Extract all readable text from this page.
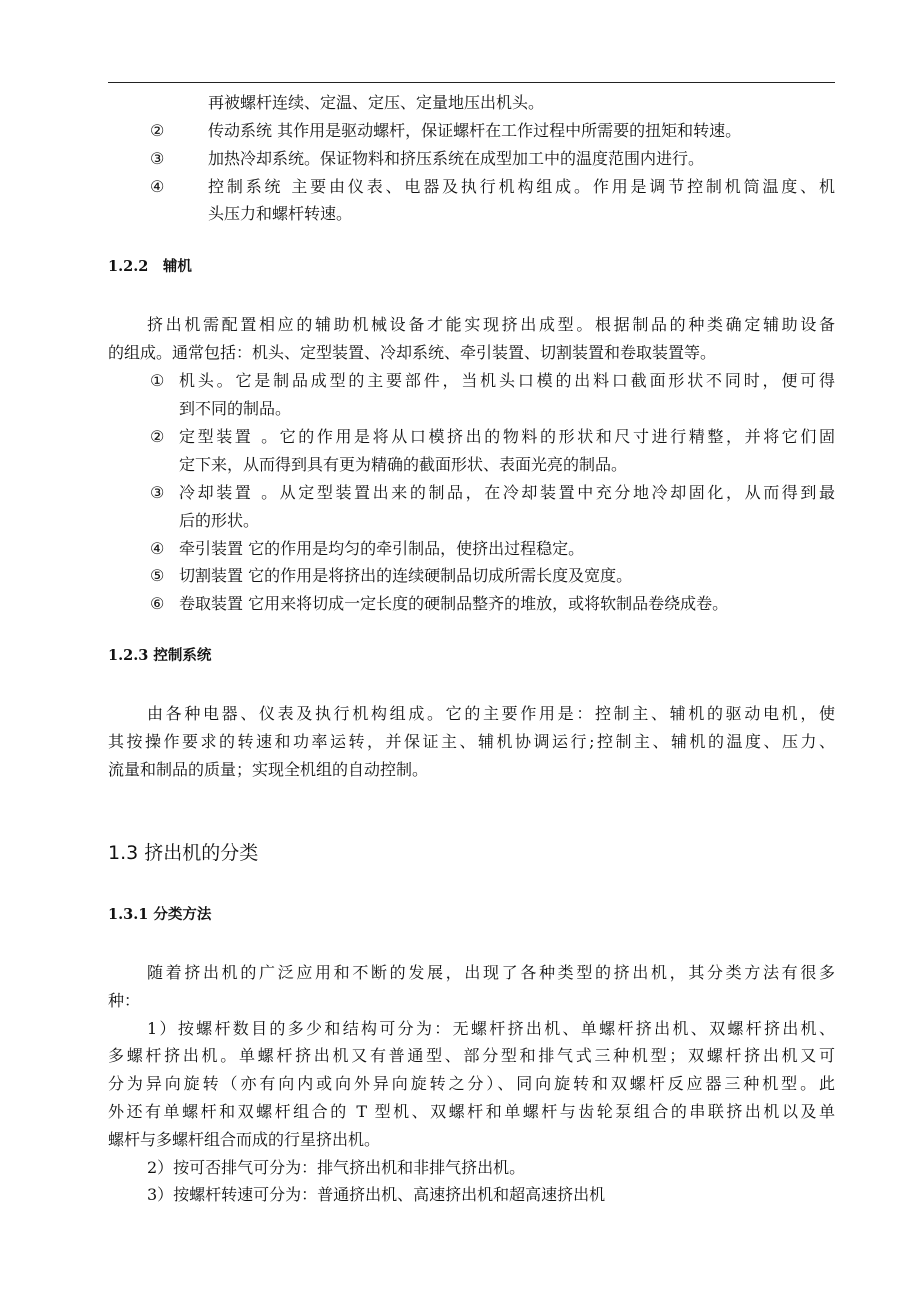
再被螺杆连续、定温、定压、定量地压出机头。
②	传动系统 其作用是驱动螺杆，保证螺杆在工作过程中所需要的扭矩和转速。
③	加热冷却系统。保证物料和挤压系统在成型加工中的温度范围内进行。
④	控制系统 主要由仪表、电器及执行机构组成。作用是调节控制机筒温度、机
头压力和螺杆转速。
1.2.2　辅机
挤出机需配置相应的辅助机械设备才能实现挤出成型。根据制品的种类确定辅助设备
的组成。通常包括：机头、定型装置、冷却系统、牵引装置、切割装置和卷取装置等。
① 机头。它是制品成型的主要部件，当机头口模的出料口截面形状不同时，便可得
到不同的制品。
② 定型装置 。它的作用是将从口模挤出的物料的形状和尺寸进行精整，并将它们固
定下来，从而得到具有更为精确的截面形状、表面光亮的制品。
③ 冷却装置 。从定型装置出来的制品，在冷却装置中充分地冷却固化，从而得到最
后的形状。
④ 牵引装置 它的作用是均匀的牵引制品，使挤出过程稳定。
⑤ 切割装置 它的作用是将挤出的连续硬制品切成所需长度及宽度。
⑥ 卷取装置 它用来将切成一定长度的硬制品整齐的堆放，或将软制品卷绕成卷。
1.2.3 控制系统
由各种电器、仪表及执行机构组成。它的主要作用是：控制主、辅机的驱动电机，使
其按操作要求的转速和功率运转，并保证主、辅机协调运行;控制主、辅机的温度、压力、
流量和制品的质量；实现全机组的自动控制。
1.3 挤出机的分类
1.3.1 分类方法
随着挤出机的广泛应用和不断的发展，出现了各种类型的挤出机，其分类方法有很多
种：
1）按螺杆数目的多少和结构可分为：无螺杆挤出机、单螺杆挤出机、双螺杆挤出机、
多螺杆挤出机。单螺杆挤出机又有普通型、部分型和排气式三种机型；双螺杆挤出机又可
分为异向旋转（亦有向内或向外异向旋转之分）、同向旋转和双螺杆反应器三种机型。此
外还有单螺杆和双螺杆组合的 T 型机、双螺杆和单螺杆与齿轮泵组合的串联挤出机以及单
螺杆与多螺杆组合而成的行星挤出机。
2）按可否排气可分为：排气挤出机和非排气挤出机。
3）按螺杆转速可分为：普通挤出机、高速挤出机和超高速挤出机
